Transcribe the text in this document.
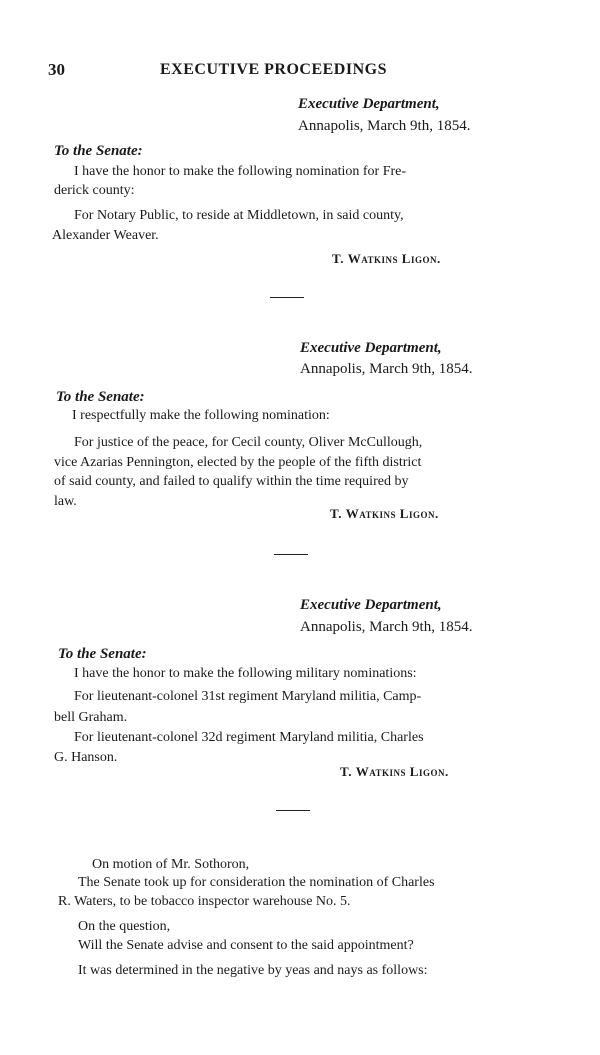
30	EXECUTIVE PROCEEDINGS
Executive Department,
Annapolis, March 9th, 1854.
To the Senate:
I have the honor to make the following nomination for Fre-
derick county:
For Notary Public, to reside at Middletown, in said county,
Alexander Weaver.
T. Watkins Ligon.
Executive Department,
Annapolis, March 9th, 1854.
To the Senate:
I respectfully make the following nomination:
For justice of the peace, for Cecil county, Oliver McCullough,
vice Azarias Pennington, elected by the people of the fifth district
of said county, and failed to qualify within the time required by
law.
T. Watkins Ligon.
Executive Department,
Annapolis, March 9th, 1854.
To the Senate:
I have the honor to make the following military nominations:
For lieutenant-colonel 31st regiment Maryland militia, Camp-
bell Graham.
For lieutenant-colonel 32d regiment Maryland militia, Charles
G. Hanson.
T. Watkins Ligon.
On motion of Mr. Sothoron,
The Senate took up for consideration the nomination of Charles
R. Waters, to be tobacco inspector warehouse No. 5.
On the question,
Will the Senate advise and consent to the said appointment?
It was determined in the negative by yeas and nays as follows:
